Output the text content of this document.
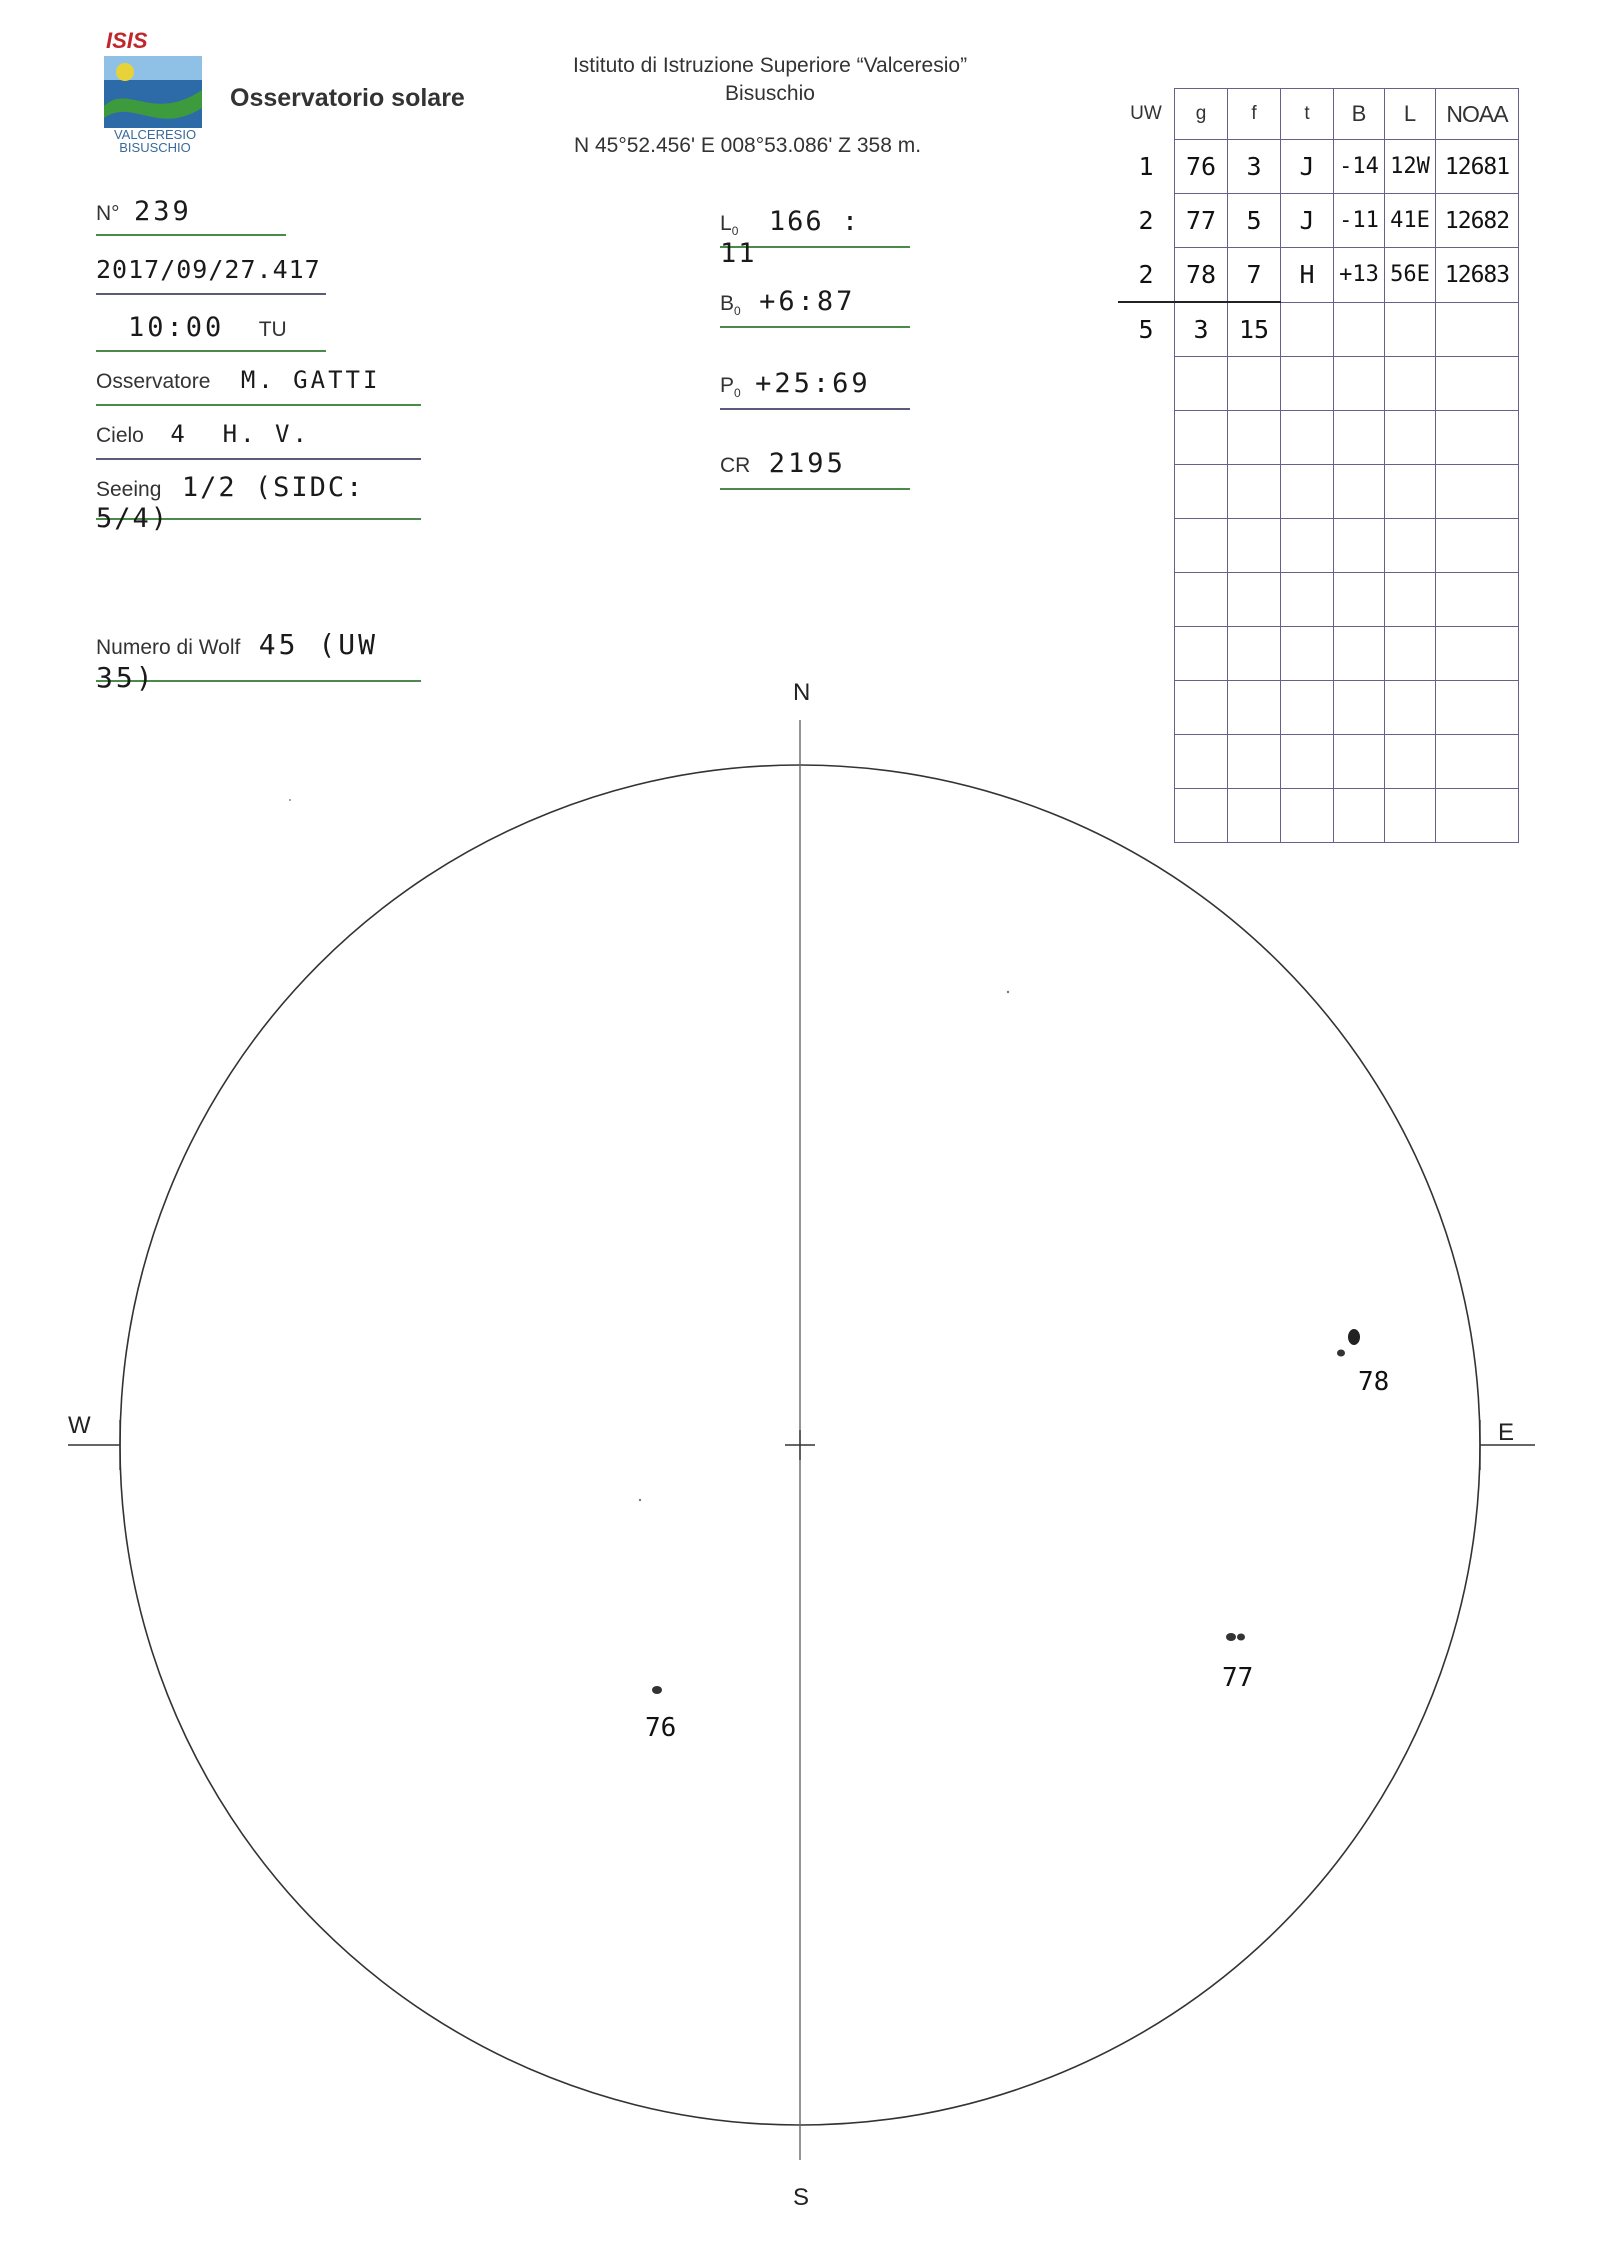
ISIS
VALCERESIO
BISUSCHIO
Osservatorio solare
Istituto di Istruzione Superiore “Valceresio”
Bisuschio
N 45°52.456' E 008°53.086' Z 358 m.
N° 239
2017/09/27.417
10:00 TU
Osservatore M. GATTI
Cielo 4  H. V.
Seeing 1/2 (SIDC: 5/4)
Numero di Wolf 45 (UW 35)
$L_0$ 166 : 11
$B_0$ +6:87
$P_0$ +25:69
CR 2195
UW	g	f	t	B	L	NOAA
1	76	3	J	-14	12W	12681
2	77	5	J	-11	41E	12682
2	78	7	H	+13	56E	12683
5	3	15				

N
S
W	E
78
77
76
